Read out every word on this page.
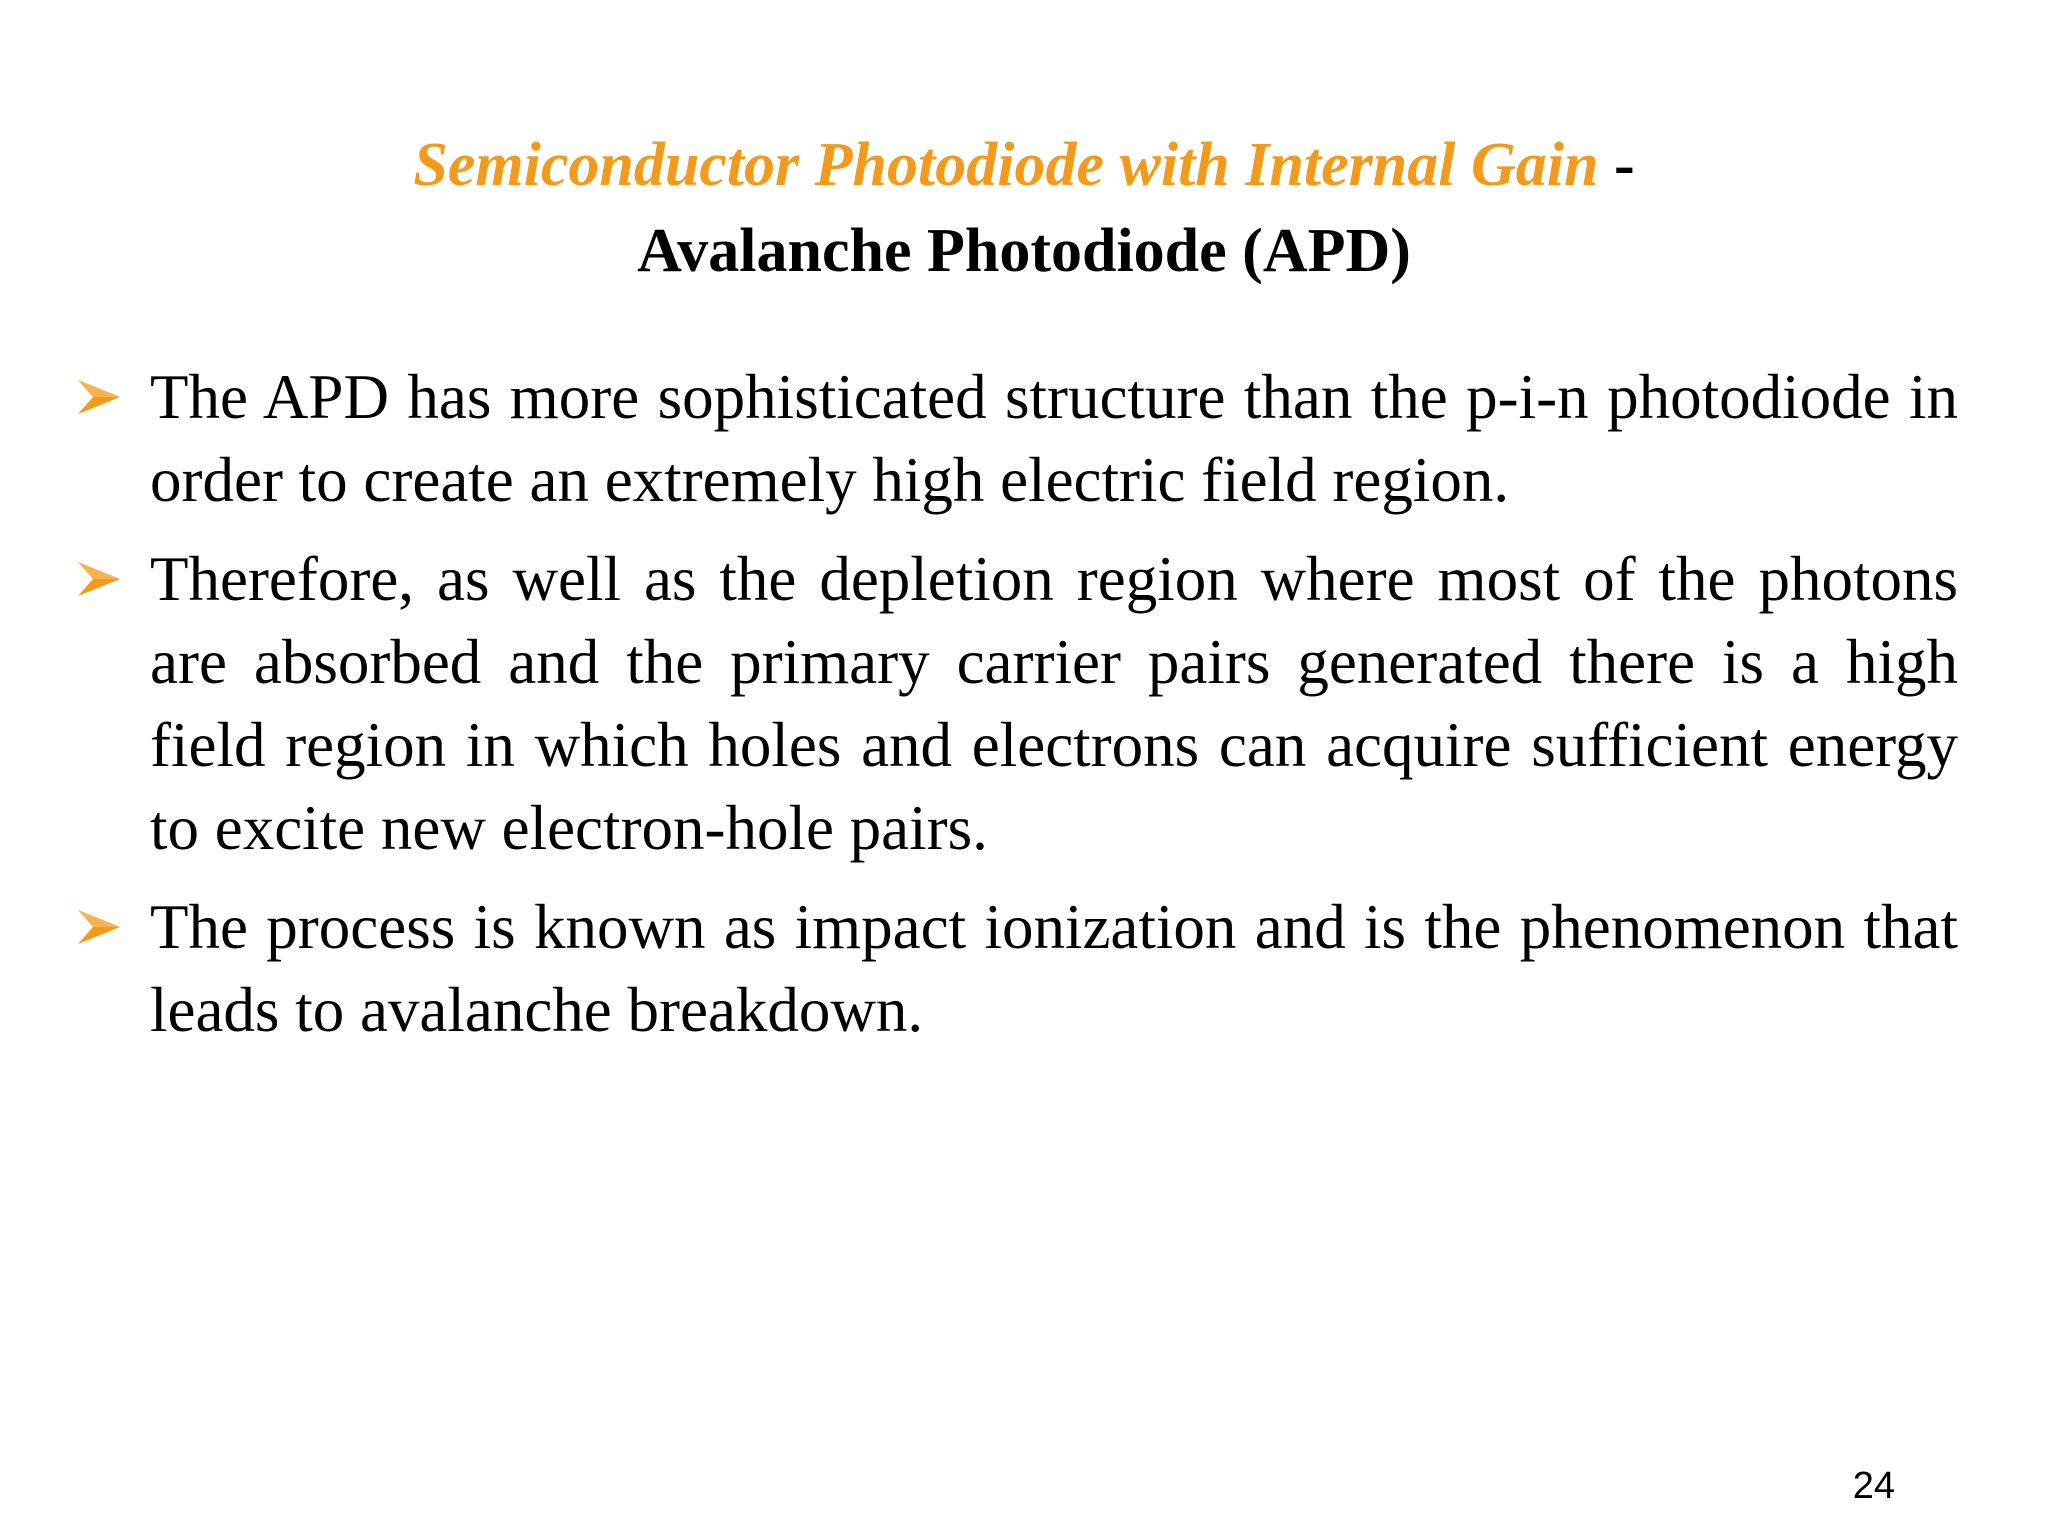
Semiconductor Photodiode with Internal Gain -
Avalanche Photodiode (APD)
The APD has more sophisticated structure than the p-i-n photodiode in order to create an extremely high electric field region.
Therefore, as well as the depletion region where most of the photons are absorbed and the primary carrier pairs generated there is a high field region in which holes and electrons can acquire sufficient energy to excite new electron-hole pairs.
The process is known as impact ionization and is the phenomenon that leads to avalanche breakdown.
24
